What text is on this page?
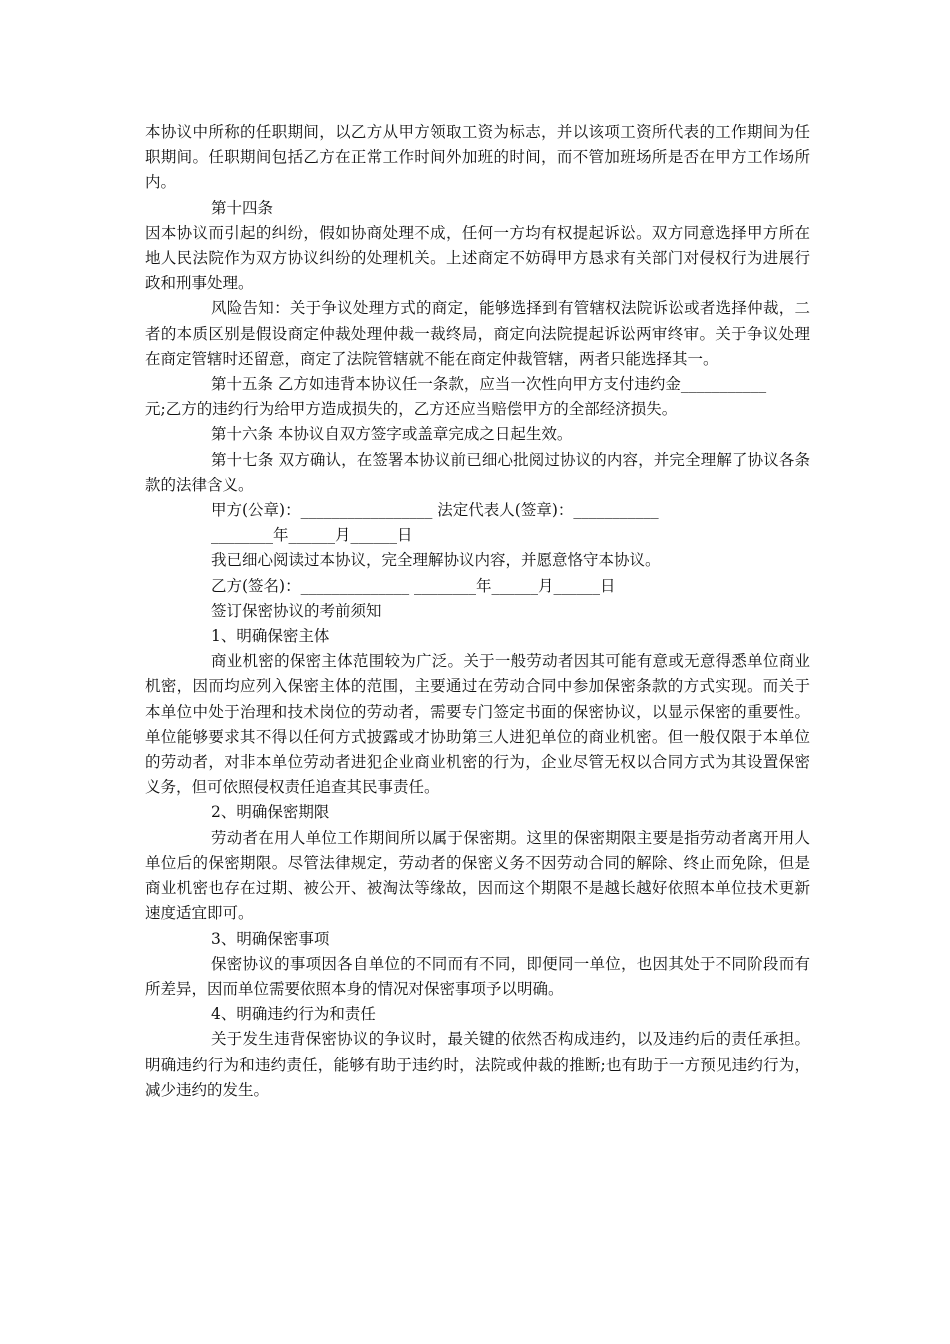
本协议中所称的任职期间，以乙方从甲方领取工资为标志，并以该项工资所代表的工作期间为任职期间。任职期间包括乙方在正常工作时间外加班的时间，而不管加班场所是否在甲方工作场所内。

第十四条

因本协议而引起的纠纷，假如协商处理不成，任何一方均有权提起诉讼。双方同意选择甲方所在地人民法院作为双方协议纠纷的处理机关。上述商定不妨碍甲方恳求有关部门对侵权行为进展行政和刑事处理。

风险告知：关于争议处理方式的商定，能够选择到有管辖权法院诉讼或者选择仲裁，二者的本质区别是假设商定仲裁处理仲裁一裁终局，商定向法院提起诉讼两审终审。关于争议处理在商定管辖时还留意，商定了法院管辖就不能在商定仲裁管辖，两者只能选择其一。

第十五条 乙方如违背本协议任一条款，应当一次性向甲方支付违约金___________

元;乙方的违约行为给甲方造成损失的，乙方还应当赔偿甲方的全部经济损失。

第十六条 本协议自双方签字或盖章完成之日起生效。

第十七条 双方确认，在签署本协议前已细心批阅过协议的内容，并完全理解了协议各条款的法律含义。

甲方(公章)：_________________ 法定代表人(签章)：___________

________年______月______日

我已细心阅读过本协议，完全理解协议内容，并愿意恪守本协议。

乙方(签名)：______________ ________年______月______日

签订保密协议的考前须知

1、明确保密主体

商业机密的保密主体范围较为广泛。关于一般劳动者因其可能有意或无意得悉单位商业机密，因而均应列入保密主体的范围，主要通过在劳动合同中参加保密条款的方式实现。而关于本单位中处于治理和技术岗位的劳动者，需要专门签定书面的保密协议，以显示保密的重要性。单位能够要求其不得以任何方式披露或才协助第三人进犯单位的商业机密。但一般仅限于本单位的劳动者，对非本单位劳动者进犯企业商业机密的行为，企业尽管无权以合同方式为其设置保密义务，但可依照侵权责任追查其民事责任。

2、明确保密期限

劳动者在用人单位工作期间所以属于保密期。这里的保密期限主要是指劳动者离开用人单位后的保密期限。尽管法律规定，劳动者的保密义务不因劳动合同的解除、终止而免除，但是商业机密也存在过期、被公开、被淘汰等缘故，因而这个期限不是越长越好依照本单位技术更新速度适宜即可。

3、明确保密事项

保密协议的事项因各自单位的不同而有不同，即便同一单位，也因其处于不同阶段而有所差异，因而单位需要依照本身的情况对保密事项予以明确。

4、明确违约行为和责任

关于发生违背保密协议的争议时，最关键的依然否构成违约，以及违约后的责任承担。明确违约行为和违约责任，能够有助于违约时，法院或仲裁的推断;也有助于一方预见违约行为，减少违约的发生。
